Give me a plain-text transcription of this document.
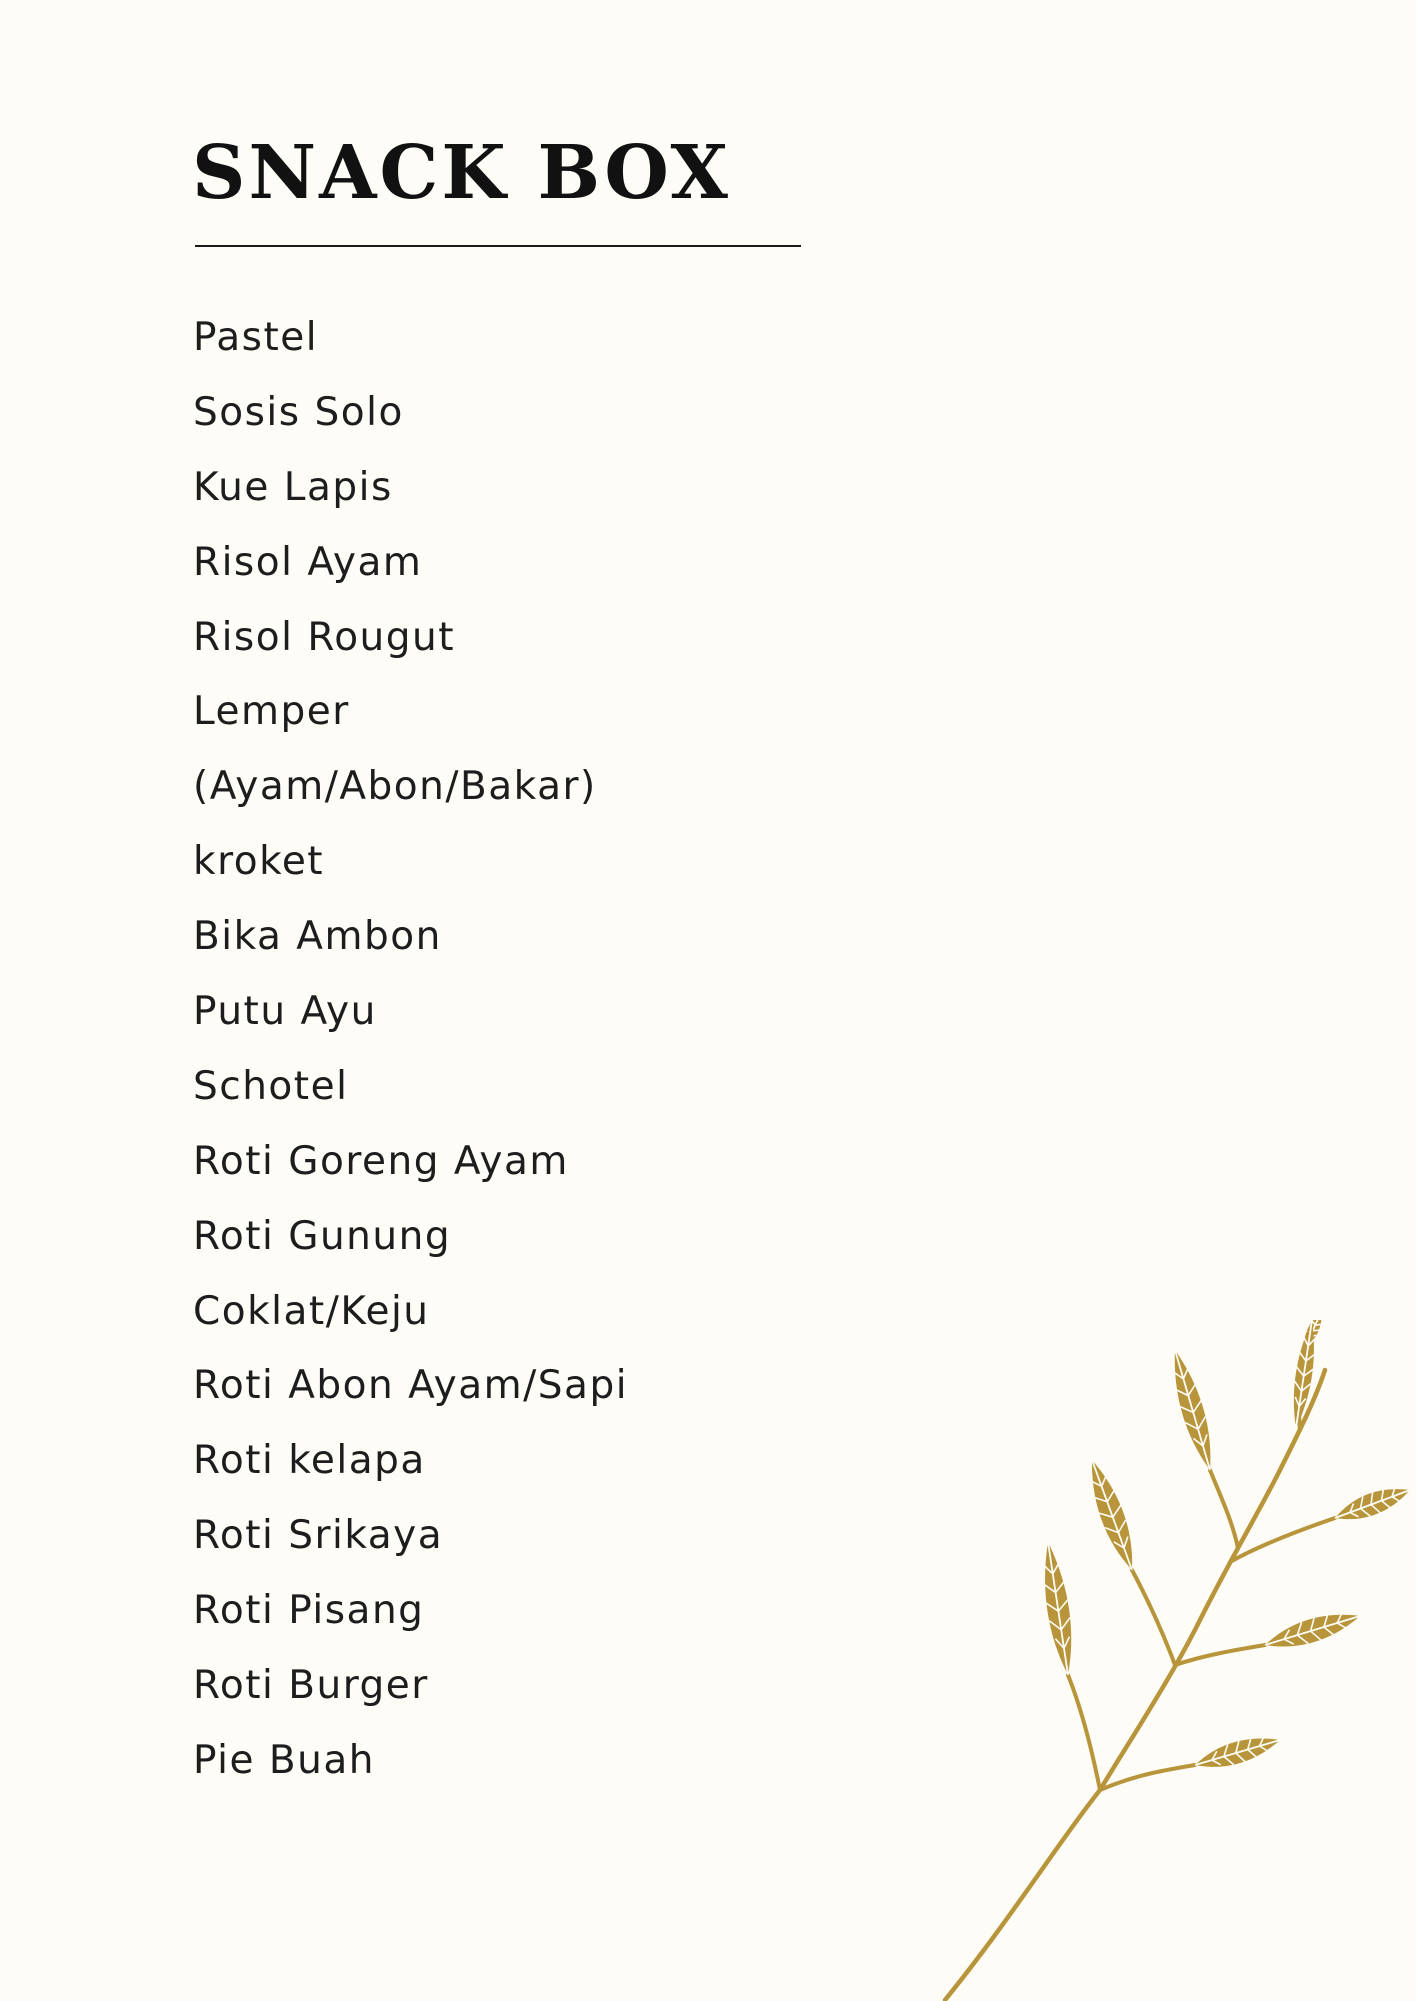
SNACK BOX
Pastel
Sosis Solo
Kue Lapis
Risol Ayam
Risol Rougut
Lemper
(Ayam/Abon/Bakar)
kroket
Bika Ambon
Putu Ayu
Schotel
Roti Goreng Ayam
Roti Gunung
Coklat/Keju
Roti Abon Ayam/Sapi
Roti kelapa
Roti Srikaya
Roti Pisang
Roti Burger
Pie Buah
